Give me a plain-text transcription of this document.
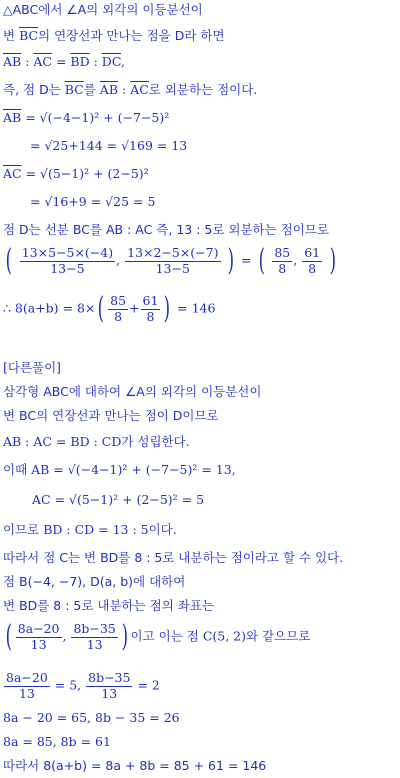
△ABC에서 ∠A의 외각의 이등분선이
변 $\overline{BC}$의 연장선과 만나는 점을 D라 하면
$\overline{AB}$ : $\overline{AC} = \overline{BD}$ : $\overline{DC}$,
즉, 점 D는 $\overline{BC}$를 $\overline{AB}$ : $\overline{AC}$로 외분하는 점이다.
$\overline{AB} = √(-4-1)^2 + (-7-5)^2$
= √25+144 = √169 = 13
$\overline{AC} = √(5-1)^2 + (2-5)^2$
= √16+9 = √25 = 5
점 D는 선분 BC를 AB : AC 즉, 13 : 5로 외분하는 점이므로
( $\frac{13\times 5-5\times(-4)}{13-5}$ , $\frac{13\times 2-5\times(-7)}{13-5}$ ) = ( $\frac{85}{8}$ , $\frac{61}{8}$ )
∴ $8(a+b) = 8\times( \frac{85}{8} + \frac{61}{8}$ ) = 146
[다른풀이]
삼각형 ABC에 대하여 ∠A의 외각의 이등분선이
변 BC의 연장선과 만나는 점이 D이므로
AB : AC = BD : CD가 성립한다.
이때 AB = √(−4−1)² + (−7−5)² = 13,
AC = √(5−1)² + (2−5)² = 5
이므로 BD : CD = 13 : 5이다.
따라서 점 C는 변 BD를 8 : 5로 내분하는 점이라고 할 수 있다.
점 B(−4, −7), D(a, b)에 대하여
변 BD를 8 : 5로 내분하는 점의 좌표는
( $\frac{8a-20}{13}$ , $\frac{8b-35}{13}$ ) 이고 이는 점 C(5, 2)와 같으므로
$\frac{8a-20}{13} = 5$, $\frac{8b-35}{13} = 2$
8a − 20 = 65, 8b − 35 = 26
8a = 85, 8b = 61
따라서 8(a+b) = 8a + 8b = 85 + 61 = 146
